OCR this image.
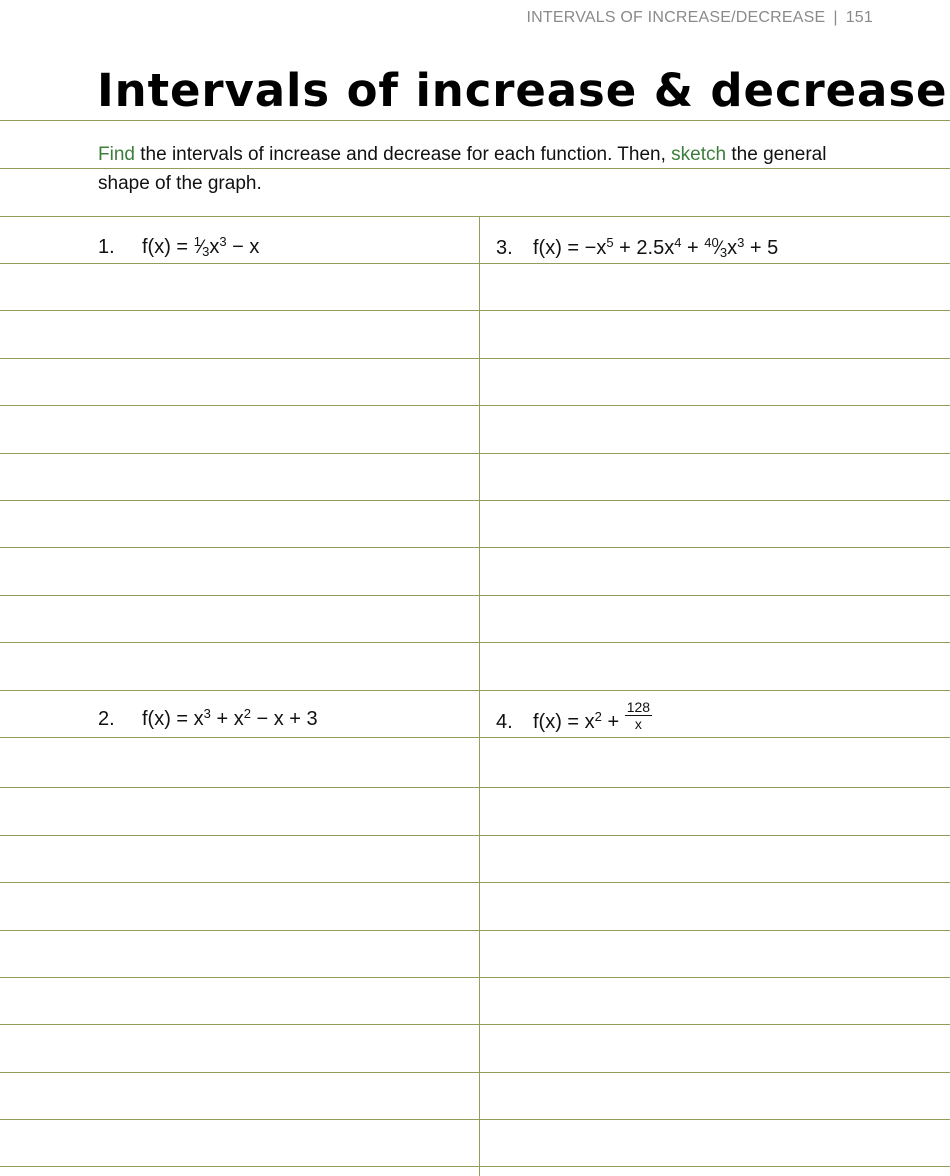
INTERVALS OF INCREASE/DECREASE | 151
Intervals of increase & decrease
Find the intervals of increase and decrease for each function. Then, sketch the general shape of the graph.
1. $f(x) = ^1⁄_3x^3 - x$
2. $f(x) = x^3 + x^2 - x + 3$
3. $f(x) = -x^5 + 2.5x^4$ + $^{40}⁄_3x^3 + 5$
4. $f(x) = x^2 + \frac{128}{x}$
